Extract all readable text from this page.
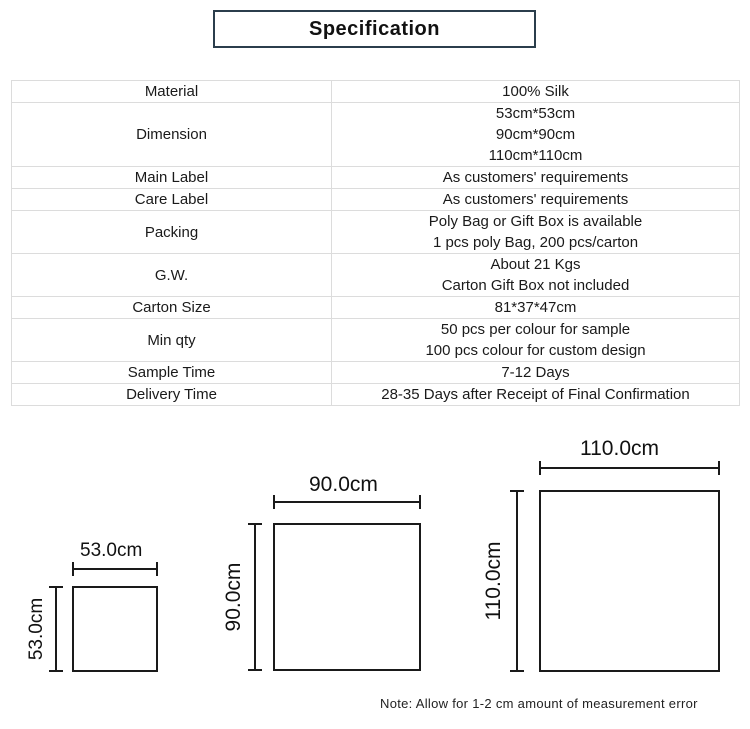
Specification
Material	100% Silk

Dimension	53cm*53cm
90cm*90cm
110cm*110cm

Main Label	As customers' requirements

Care Label	As customers' requirements

Packing	Poly Bag or Gift Box is available
1 pcs poly Bag, 200 pcs/carton

G.W.	About 21 Kgs
Carton Gift Box not included

Carton Size	81*37*47cm

Min qty	50 pcs per colour for sample
100 pcs colour for custom design

Sample Time	7-12 Days

Delivery Time	28-35 Days after Receipt of Final Confirmation
53.0cm
53.0cm
90.0cm
90.0cm
110.0cm
110.0cm
Note: Allow for 1-2 cm amount of measurement error
